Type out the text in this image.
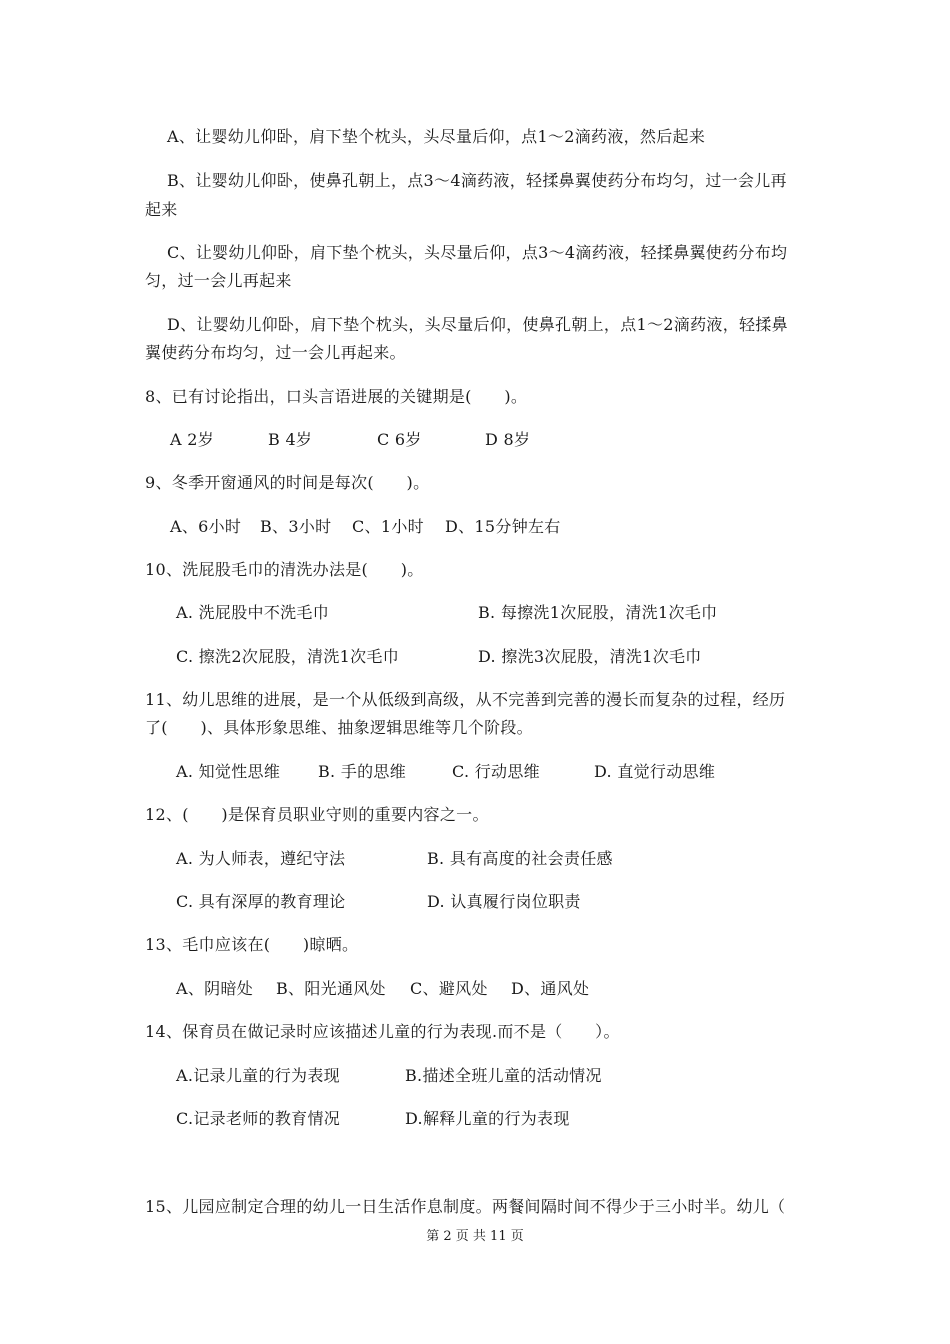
A、让婴幼儿仰卧，肩下垫个枕头，头尽量后仰，点1～2滴药液，然后起来
B、让婴幼儿仰卧，使鼻孔朝上，点3～4滴药液，轻揉鼻翼使药分布均匀，过一会儿再
起来
C、让婴幼儿仰卧，肩下垫个枕头，头尽量后仰，点3～4滴药液，轻揉鼻翼使药分布均
匀，过一会儿再起来
D、让婴幼儿仰卧，肩下垫个枕头，头尽量后仰，使鼻孔朝上，点1～2滴药液，轻揉鼻
翼使药分布均匀，过一会儿再起来。
8、已有讨论指出，口头言语进展的关键期是(　　)。
A 2岁	B 4岁	C 6岁	D 8岁
9、冬季开窗通风的时间是每次(　　)。
A、6小时 B、3小时 C、1小时 D、15分钟左右
10、洗屁股毛巾的清洗办法是(　　)。
A. 洗屁股中不洗毛巾	B. 每擦洗1次屁股，清洗1次毛巾
C. 擦洗2次屁股，清洗1次毛巾	D. 擦洗3次屁股，清洗1次毛巾
11、幼儿思维的进展，是一个从低级到高级，从不完善到完善的漫长而复杂的过程，经历
了(　　)、具体形象思维、抽象逻辑思维等几个阶段。
A. 知觉性思维 B. 手的思维	C. 行动思维	D. 直觉行动思维
12、(　　)是保育员职业守则的重要内容之一。
A. 为人师表，遵纪守法	B. 具有高度的社会责任感
C. 具有深厚的教育理论	D. 认真履行岗位职责
13、毛巾应该在(　　)晾晒。
A、阴暗处 B、阳光通风处 C、避风处 D、通风处
14、保育员在做记录时应该描述儿童的行为表现.而不是（　　）。
A.记录儿童的行为表现	B.描述全班儿童的活动情况
C.记录老师的教育情况	D.解释儿童的行为表现
15、儿园应制定合理的幼儿一日生活作息制度。两餐间隔时间不得少于三小时半。幼儿（
第 2 页 共 11 页
